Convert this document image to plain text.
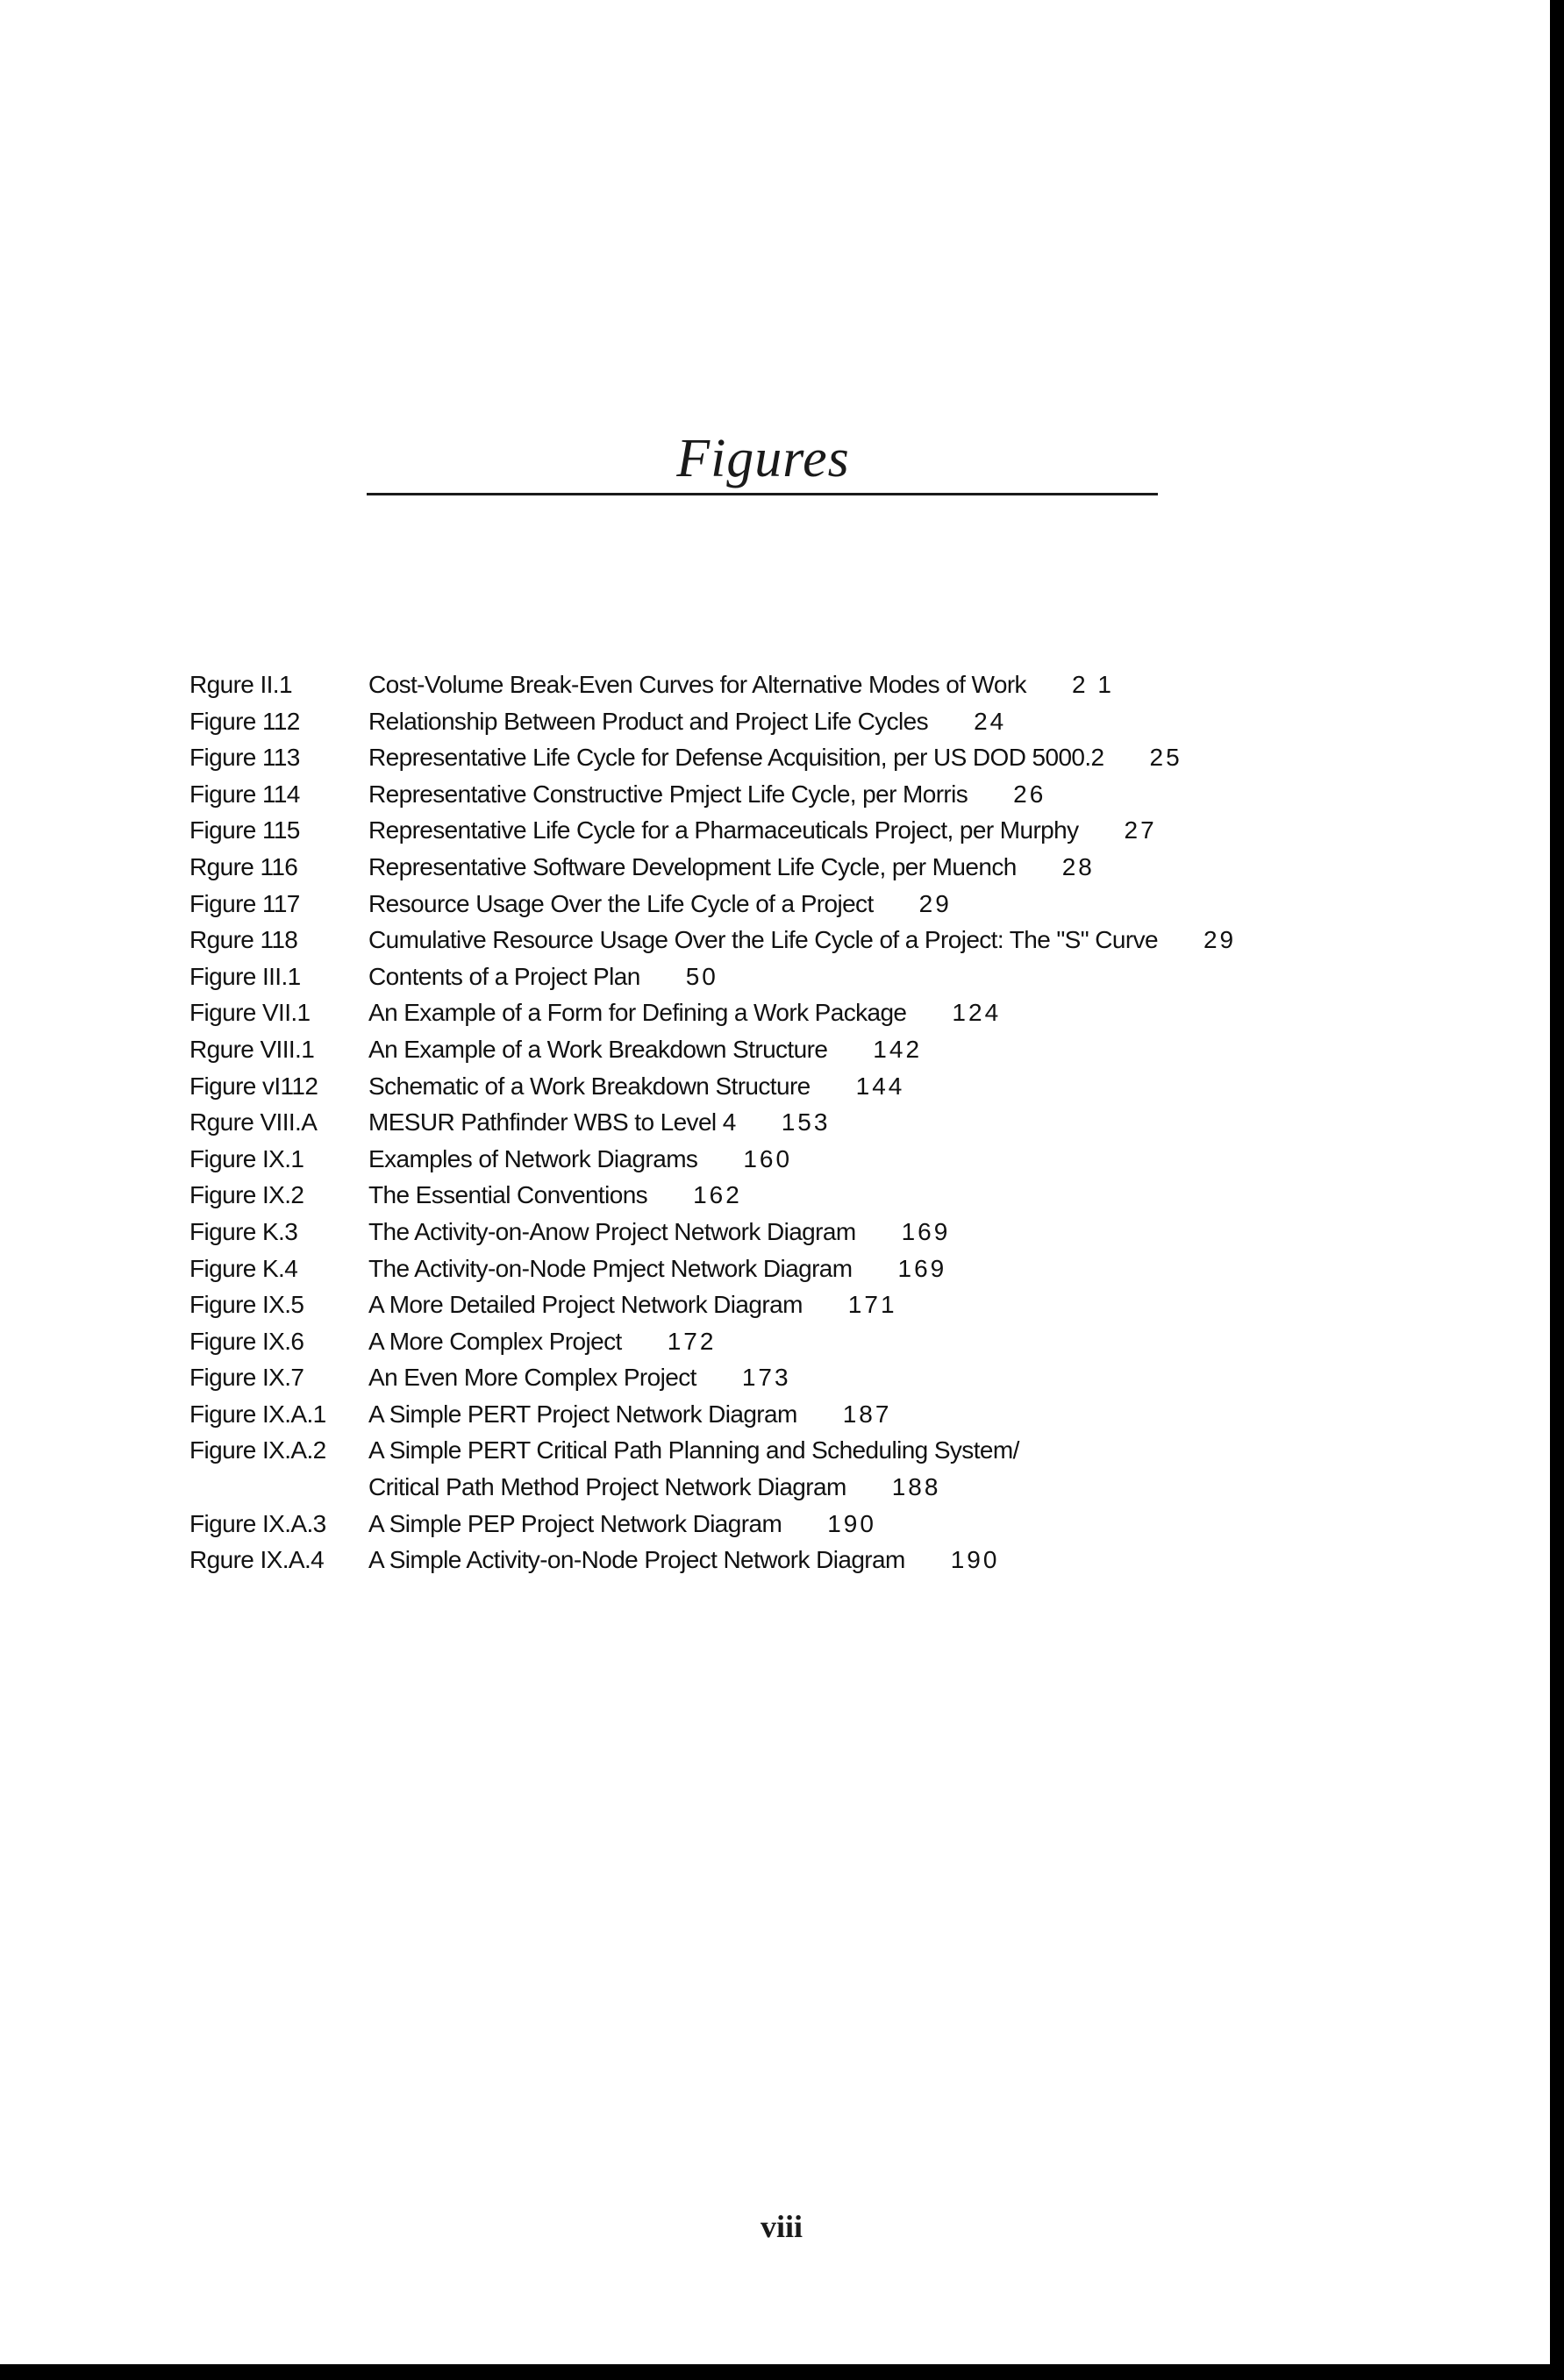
Figures
Rgure II.1	Cost-Volume Break-Even Curves for Alternative Modes of Work 2 1
Figure 112	Relationship Between Product and Project Life Cycles 24
Figure 113	Representative Life Cycle for Defense Acquisition, per US DOD 5000.2 25
Figure 114	Representative Constructive Pmject Life Cycle, per Morris 26
Figure 115	Representative Life Cycle for a Pharmaceuticals Project, per Murphy 27
Rgure 116	Representative Software Development Life Cycle, per Muench 28
Figure 117	Resource Usage Over the Life Cycle of a Project 29
Rgure 118	Cumulative Resource Usage Over the Life Cycle of a Project: The "S" Curve 29
Figure III.1	Contents of a Project Plan 50
Figure VII.1	An Example of a Form for Defining a Work Package 124
Rgure VIII.1	An Example of a Work Breakdown Structure 142
Figure vI112	Schematic of a Work Breakdown Structure 144
Rgure VIII.A	MESUR Pathfinder WBS to Level 4 153
Figure IX.1	Examples of Network Diagrams 160
Figure IX.2	The Essential Conventions 162
Figure K.3	The Activity-on-Anow Project Network Diagram 169
Figure K.4	The Activity-on-Node Pmject Network Diagram 169
Figure IX.5	A More Detailed Project Network Diagram 171
Figure IX.6	A More Complex Project 172
Figure IX.7	An Even More Complex Project 173
Figure IX.A.1	A Simple PERT Project Network Diagram 187
Figure IX.A.2	A Simple PERT Critical Path Planning and Scheduling System/
Critical Path Method Project Network Diagram 188
Figure IX.A.3	A Simple PEP Project Network Diagram 190
Rgure IX.A.4	A Simple Activity-on-Node Project Network Diagram 190
viii
